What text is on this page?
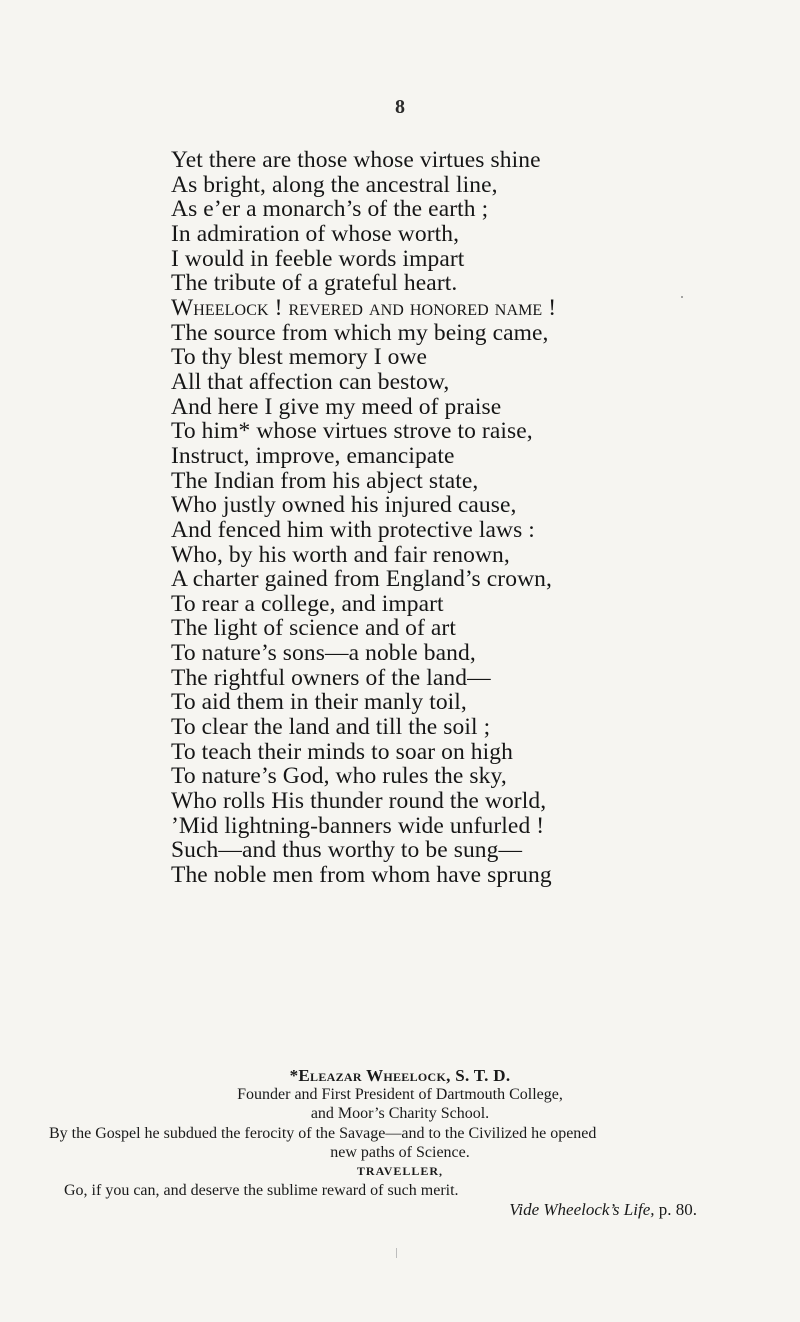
8
Yet there are those whose virtues shine
As bright, along the ancestral line,
As e’er a monarch’s of the earth ;
In admiration of whose worth,
I would in feeble words impart
The tribute of a grateful heart.
Wheelock ! revered and honored name !
The source from which my being came,
To thy blest memory I owe
All that affection can bestow,
And here I give my meed of praise
To him* whose virtues strove to raise,
Instruct, improve, emancipate
The Indian from his abject state,
Who justly owned his injured cause,
And fenced him with protective laws :
Who, by his worth and fair renown,
A charter gained from England’s crown,
To rear a college, and impart
The light of science and of art
To nature’s sons—a noble band,
The rightful owners of the land—
To aid them in their manly toil,
To clear the land and till the soil ;
To teach their minds to soar on high
To nature’s God, who rules the sky,
Who rolls His thunder round the world,
’Mid lightning-banners wide unfurled !
Such—and thus worthy to be sung—
The noble men from whom have sprung
*Eleazar Wheelock, S. T. D.
Founder and First President of Dartmouth College,
and Moor’s Charity School.
By the Gospel he subdued the ferocity of the Savage—and to the Civilized he opened
new paths of Science.
TRAVELLER,
Go, if you can, and deserve the sublime reward of such merit.
Vide Wheelock’s Life, p. 80.
